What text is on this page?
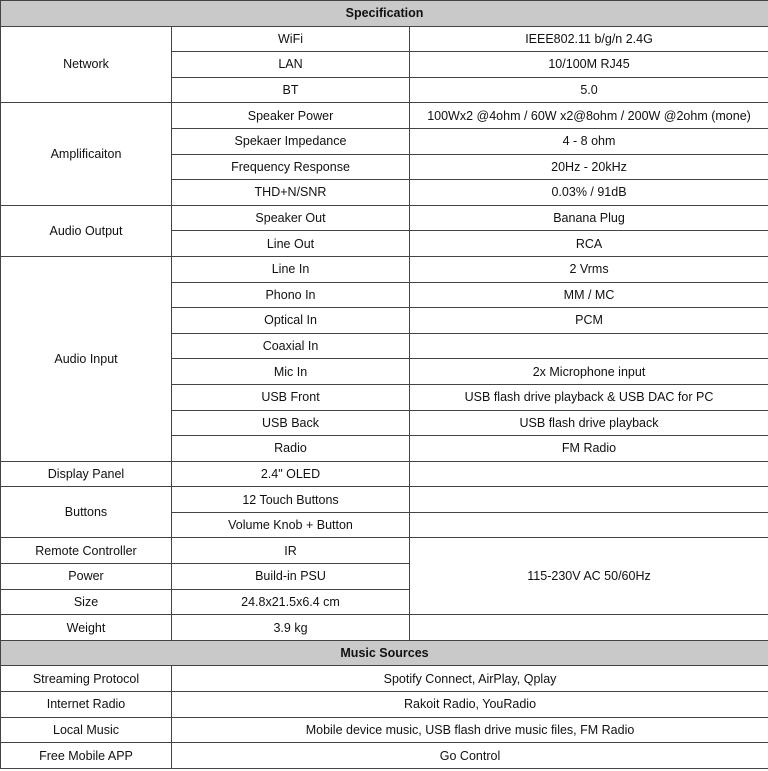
Specification		
Network	WiFi	IEEE802.11 b/g/n 2.4G
	LAN	10/100M RJ45
	BT	5.0
Amplificaiton	Speaker Power	100Wx2 @4ohm / 60W x2@8ohm / 200W @2ohm (mone)
	Spekaer Impedance	4 - 8 ohm
	Frequency Response	20Hz - 20kHz
	THD+N/SNR	0.03% / 91dB
Audio Output	Speaker Out	Banana Plug
	Line Out	RCA
Audio Input	Line In	2 Vrms
	Phono In	MM / MC
	Optical In	PCM
	Coaxial In	
	Mic In	2x Microphone input
	USB Front	USB flash drive playback & USB DAC for PC
	USB Back	USB flash drive playback
	Radio	FM Radio
Display Panel	2.4" OLED	
Buttons	12 Touch Buttons	
	Volume Knob + Button	
Remote Controller	IR	115-230V AC 50/60Hz
Power	Build-in PSU	
Size	24.8x21.5x6.4 cm	
Weight	3.9 kg	
Music Sources		
Streaming Protocol	Spotify Connect, AirPlay, Qplay	
Internet Radio	Rakoit Radio, YouRadio	
Local Music	Mobile device music, USB flash drive music files, FM Radio	
Free Mobile APP	Go Control	
